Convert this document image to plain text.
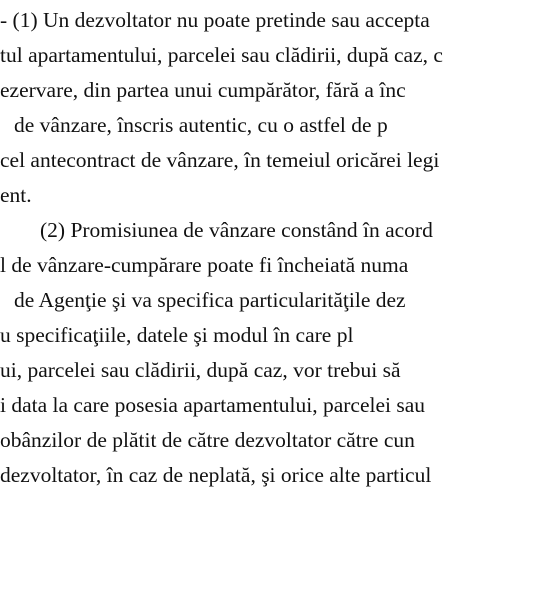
- (1) Un dezvoltator nu poate pretinde sau accepta
tul apartamentului, parcelei sau clădirii, după caz, c
ezervare, din partea unui cumpărător, fără a înc
de vânzare, înscris autentic, cu o astfel de p
cel antecontract de vânzare, în temeiul oricărei legi
ent.
(2) Promisiunea de vânzare constând în acord
l de vânzare-cumpărare poate fi încheiată numa
de Agenţie şi va specifica particularităţile dez
u specificaţiile, datele şi modul în care pl
ui, parcelei sau clădirii, după caz, vor trebui să
i data la care posesia apartamentului, parcelei sau
obânzilor de plătit de către dezvoltator către cun
dezvoltator, în caz de neplată, şi orice alte particul
